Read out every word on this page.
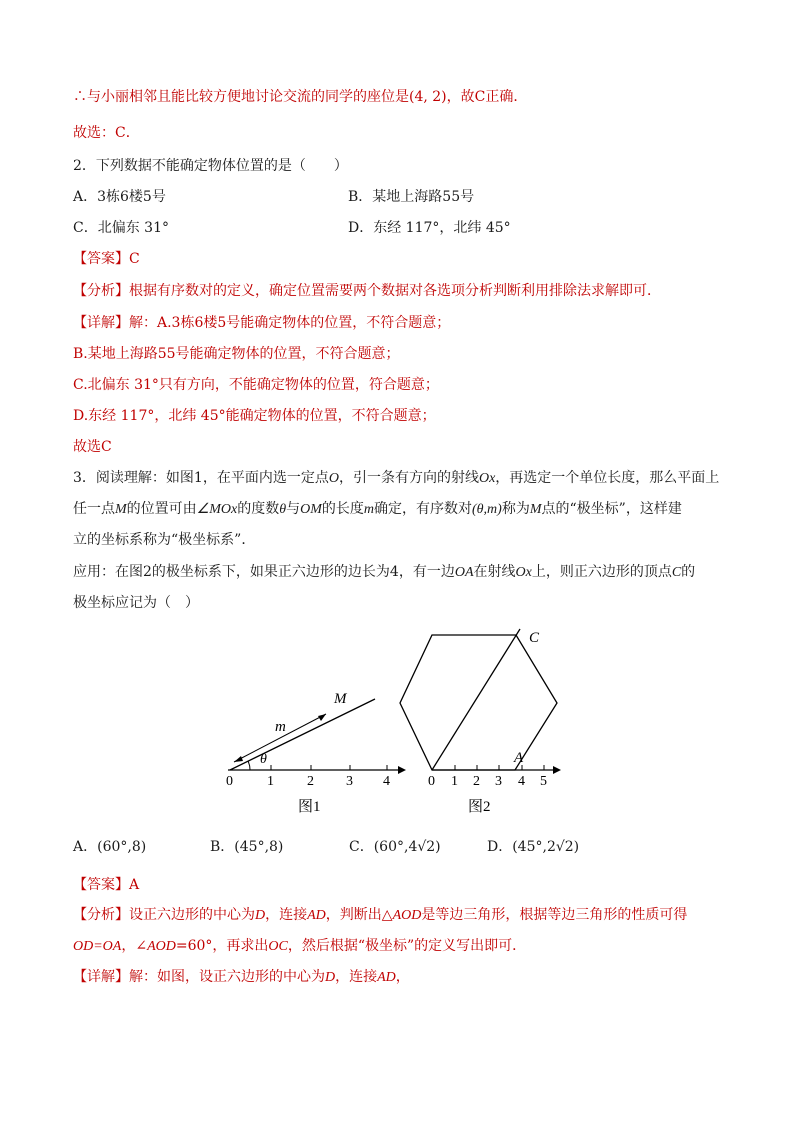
∴与小丽相邻且能比较方便地讨论交流的同学的座位是(4, 2)，故C正确．
故选：C．
2．下列数据不能确定物体位置的是（　　）
A．3栋6楼5号	B．某地上海路55号
C．北偏东 31°	D．东经 117°，北纬 45°
【答案】C
【分析】根据有序数对的定义，确定位置需要两个数据对各选项分析判断利用排除法求解即可．
【详解】解：A.3栋6楼5号能确定物体的位置，不符合题意；
B.某地上海路55号能确定物体的位置，不符合题意；
C.北偏东 31°只有方向，不能确定物体的位置，符合题意；
D.东经 117°，北纬 45°能确定物体的位置，不符合题意；
故选C
3．阅读理解：如图1，在平面内选一定点O，引一条有方向的射线Ox，再选定一个单位长度，那么平面上
任一点M的位置可由∠MOx的度数θ与OM的长度m确定，有序数对(θ,m)称为M点的“极坐标”，这样建
立的坐标系称为“极坐标系”．
应用：在图2的极坐标系下，如果正六边形的边长为4，有一边OA在射线Ox上，则正六边形的顶点C的
极坐标应记为（　）
0 1 2 3 4
M
m
θ
图1
0 1 2 3 4 5
A
C
图2
A．(60°,8)	B．(45°,8)	C．(60°,4√2)	D．(45°,2√2)
【答案】A
【分析】设正六边形的中心为D，连接AD，判断出△AOD是等边三角形，根据等边三角形的性质可得
OD=OA，∠AOD=60°，再求出OC，然后根据“极坐标”的定义写出即可．
【详解】解：如图，设正六边形的中心为D，连接AD，
